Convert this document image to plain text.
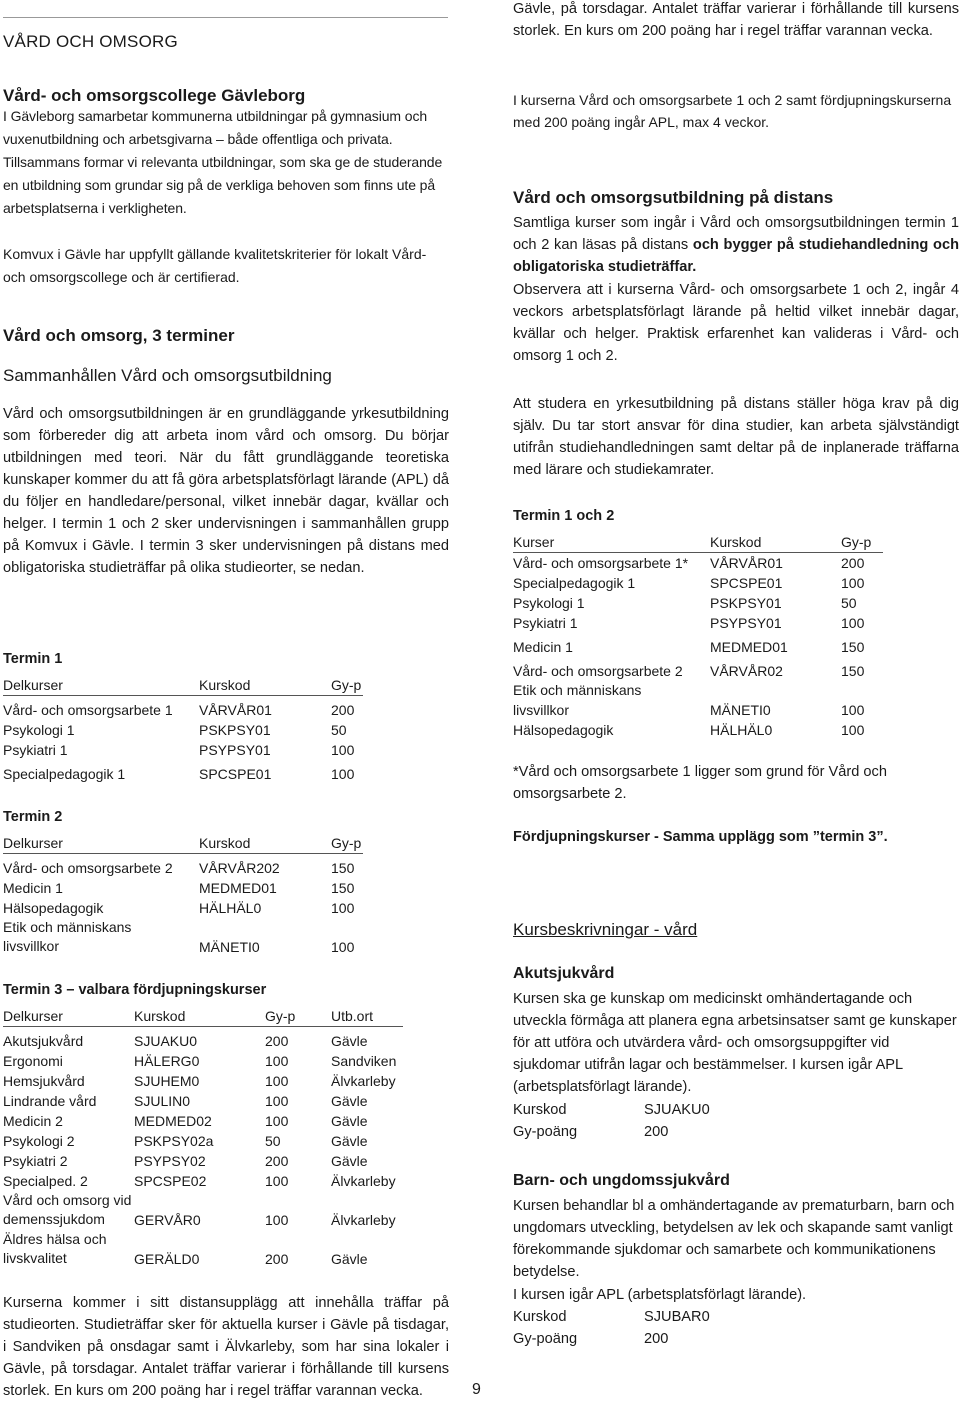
VÅRD OCH OMSORG
Vård- och omsorgscollege Gävleborg

I Gävleborg samarbetar kommunerna utbildningar på gymnasium och vuxenutbildning och arbetsgivarna – både offentliga och privata. Tillsammans formar vi relevanta utbildningar, som ska ge de studerande en utbildning som grundar sig på de verkliga behoven som finns ute på arbetsplatserna i verkligheten.

Komvux i Gävle har uppfyllt gällande kvalitetskriterier för lokalt Vård- och omsorgscollege och är certifierad.

Vård och omsorg, 3 terminer
Sammanhållen Vård och omsorgsutbildning

Vård och omsorgsutbildningen är en grundläggande yrkesutbildning som förbereder dig att arbeta inom vård och omsorg. Du börjar utbildningen med teori. När du fått grundläggande teoretiska kunskaper kommer du att få göra arbetsplatsförlagt lärande (APL) då du följer en handledare/personal, vilket innebär dagar, kvällar och helger. I termin 1 och 2 sker undervisningen i sammanhållen grupp på Komvux i Gävle. I termin 3 sker undervisningen på distans med obligatoriska studieträffar på olika studieorter, se nedan.

Termin 1
Delkurser	Kurskod	Gy-p
Vård- och omsorgsarbete 1	VÅRVÅR01	200
Psykologi 1	PSKPSY01	50
Psykiatri 1	PSYPSY01	100
Specialpedagogik 1	SPCSPE01	100
Termin 2
Delkurser	Kurskod	Gy-p
Vård- och omsorgsarbete 2	VÅRVÅR202	150
Medicin 1	MEDMED01	150
Hälsopedagogik	HÄLHÄL0	100
Etik och människans livsvillkor	MÄNETI0	100
Termin 3 – valbara fördjupningskurser
Delkurser	Kurskod	Gy-p	Utb.ort
Akutsjukvård	SJUAKU0	200	Gävle
Ergonomi	HÄLERG0	100	Sandviken
Hemsjukvård	SJUHEM0	100	Älvkarleby
Lindrande vård	SJULIN0	100	Gävle
Medicin 2	MEDMED02	100	Gävle
Psykologi 2	PSKPSY02a	50	Gävle
Psykiatri 2	PSYPSY02	200	Gävle
Specialped. 2	SPCSPE02	100	Älvkarleby

Vård och omsorg vid demenssjukdom	GERVÅR0	100	Älvkarleby

Äldres hälsa och livskvalitet	GERÄLD0	200	Gävle

Kurserna kommer i sitt distansupplägg att innehålla träffar på studieorten. Studieträffar sker för aktuella kurser i Gävle på tisdagar, i Sandviken på onsdagar samt i Älvkarleby, som har sina lokaler i Gävle, på torsdagar. Antalet träffar varierar i förhållande till kursens storlek. En kurs om 200 poäng har i regel träffar varannan vecka.

Gävle, på torsdagar. Antalet träffar varierar i förhållande till kursens storlek. En kurs om 200 poäng har i regel träffar varannan vecka.

I kurserna Vård och omsorgsarbete 1 och 2 samt fördjupningskurserna med 200 poäng ingår APL, max 4 veckor.

Vård och omsorgsutbildning på distans

Samtliga kurser som ingår i Vård och omsorgsutbildningen termin 1 och 2 kan läsas på distans och bygger på studiehandledning och obligatoriska studieträffar.

Observera att i kurserna Vård- och omsorgsarbete 1 och 2, ingår 4 veckors arbetsplatsförlagt lärande på heltid vilket innebär dagar, kvällar och helger. Praktisk erfarenhet kan valideras i Vård- och omsorg 1 och 2.

Att studera en yrkesutbildning på distans ställer höga krav på dig själv. Du tar stort ansvar för dina studier, kan arbeta självständigt utifrån studiehandledningen samt deltar på de inplanerade träffarna med lärare och studiekamrater.

Termin 1 och 2
Kurser	Kurskod	Gy-p
Vård- och omsorgsarbete 1*	VÅRVÅR01	200
Specialpedagogik 1	SPCSPE01	100
Psykologi 1	PSKPSY01	50
Psykiatri 1	PSYPSY01	100
Medicin 1	MEDMED01	150
Vård- och omsorgsarbete 2	VÅRVÅR02	150

Etik och människans livsvillkor	MÄNETI0	100
Hälsopedagogik	HÄLHÄL0	100

*Vård och omsorgsarbete 1 ligger som grund för Vård och omsorgsarbete 2.

Fördjupningskurser - Samma upplägg som ”termin 3”.
Kursbeskrivningar - vård
Akutsjukvård

Kursen ska ge kunskap om medicinskt omhändertagande och utveckla förmåga att planera egna arbetsinsatser samt ge kunskaper för att utföra och utvärdera vård- och omsorgsuppgifter vid sjukdomar utifrån lagar och bestämmelser. I kursen igår APL (arbetsplatsförlagt lärande).

Kurskod	SJUAKU0
Gy-poäng	200
Barn- och ungdomssjukvård

Kursen behandlar bl a omhändertagande av prematurbarn, barn och ungdomars utveckling, betydelsen av lek och skapande samt vanligt förekommande sjukdomar och samarbete och kommunikationens betydelse.

I kursen igår APL (arbetsplatsförlagt lärande).

Kurskod	SJUBAR0
Gy-poäng	200
9
